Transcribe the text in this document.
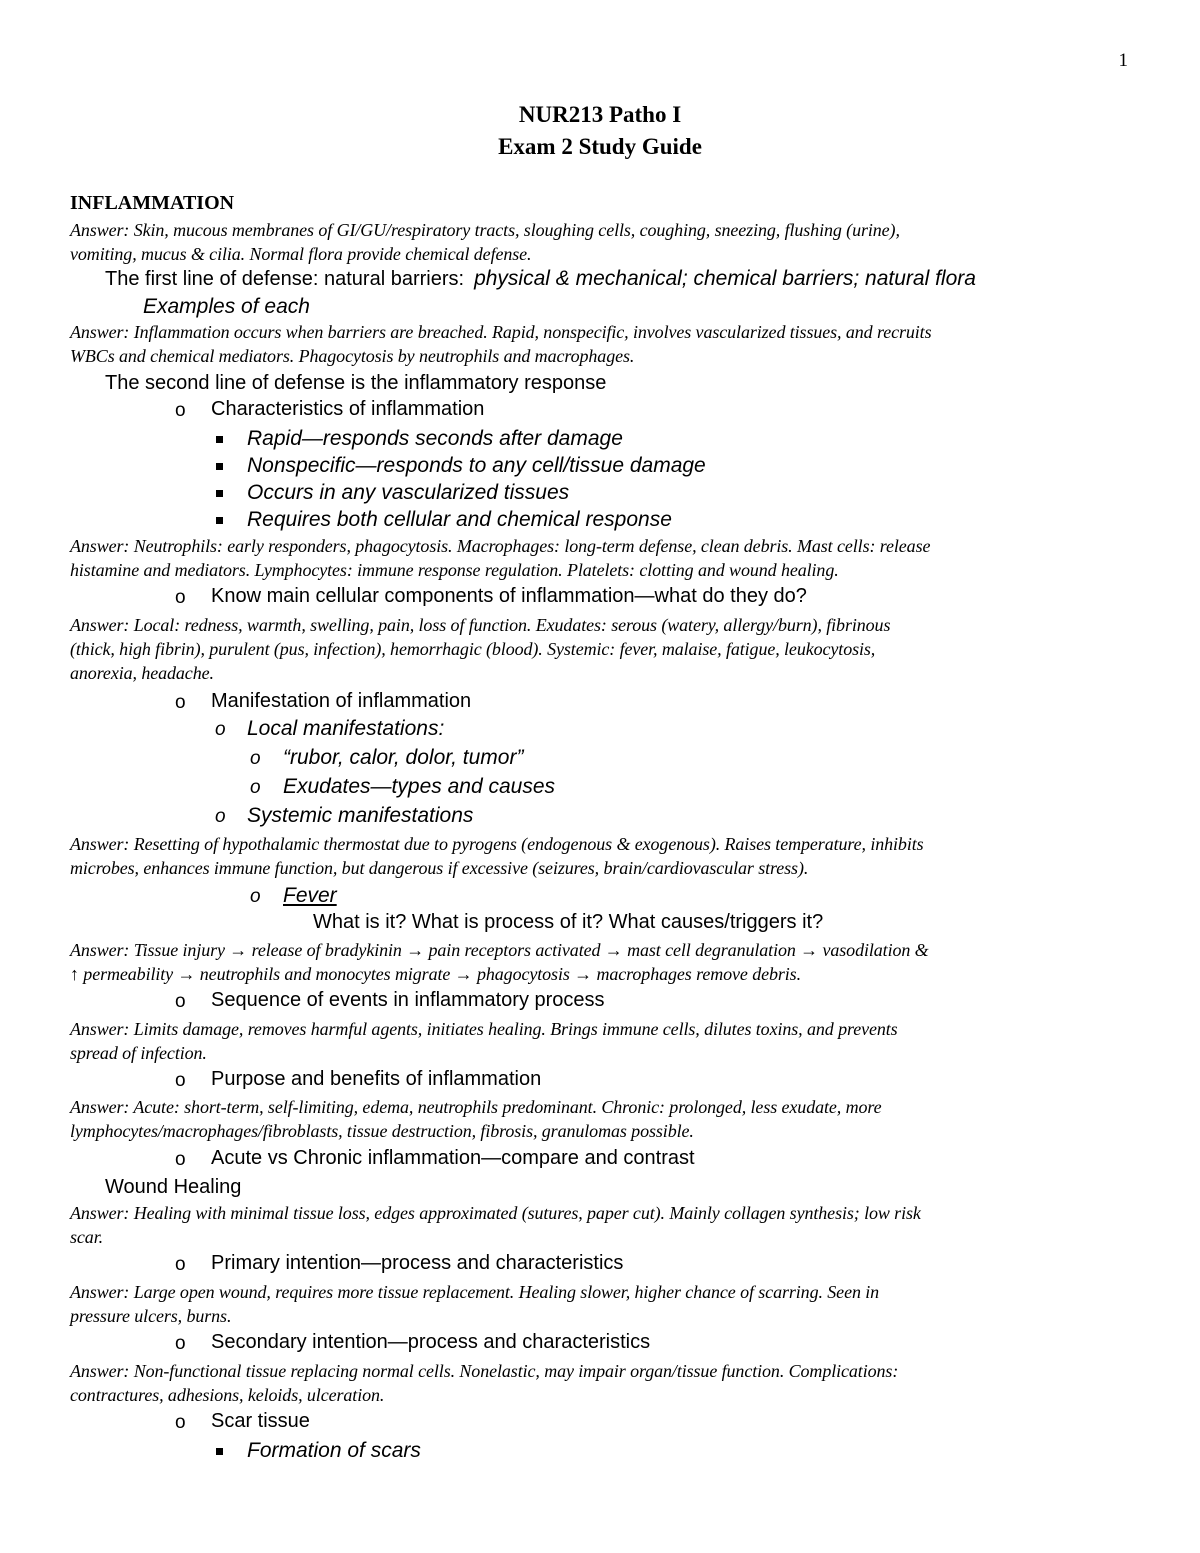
1
NUR213 Patho I
Exam 2 Study Guide
INFLAMMATION
Answer: Skin, mucous membranes of GI/GU/respiratory tracts, sloughing cells, coughing, sneezing, flushing (urine),
vomiting, mucus & cilia. Normal flora provide chemical defense.
The first line of defense: natural barriers: physical & mechanical; chemical barriers; natural flora
Examples of each
Answer: Inflammation occurs when barriers are breached. Rapid, nonspecific, involves vascularized tissues, and recruits
WBCs and chemical mediators. Phagocytosis by neutrophils and macrophages.
The second line of defense is the inflammatory response
o Characteristics of inflammation
Rapid—responds seconds after damage
Nonspecific—responds to any cell/tissue damage
Occurs in any vascularized tissues
Requires both cellular and chemical response
Answer: Neutrophils: early responders, phagocytosis. Macrophages: long-term defense, clean debris. Mast cells: release
histamine and mediators. Lymphocytes: immune response regulation. Platelets: clotting and wound healing.
o Know main cellular components of inflammation—what do they do?
Answer: Local: redness, warmth, swelling, pain, loss of function. Exudates: serous (watery, allergy/burn), fibrinous
(thick, high fibrin), purulent (pus, infection), hemorrhagic (blood). Systemic: fever, malaise, fatigue, leukocytosis,
anorexia, headache.
o Manifestation of inflammation
o Local manifestations:
o “rubor, calor, dolor, tumor”
o Exudates—types and causes
o Systemic manifestations
Answer: Resetting of hypothalamic thermostat due to pyrogens (endogenous & exogenous). Raises temperature, inhibits
microbes, enhances immune function, but dangerous if excessive (seizures, brain/cardiovascular stress).
o Fever
What is it? What is process of it? What causes/triggers it?
Answer: Tissue injury → release of bradykinin → pain receptors activated → mast cell degranulation → vasodilation &
↑ permeability → neutrophils and monocytes migrate → phagocytosis → macrophages remove debris.
o Sequence of events in inflammatory process
Answer: Limits damage, removes harmful agents, initiates healing. Brings immune cells, dilutes toxins, and prevents
spread of infection.
o Purpose and benefits of inflammation
Answer: Acute: short-term, self-limiting, edema, neutrophils predominant. Chronic: prolonged, less exudate, more
lymphocytes/macrophages/fibroblasts, tissue destruction, fibrosis, granulomas possible.
o Acute vs Chronic inflammation—compare and contrast
Wound Healing
Answer: Healing with minimal tissue loss, edges approximated (sutures, paper cut). Mainly collagen synthesis; low risk
scar.
o Primary intention—process and characteristics
Answer: Large open wound, requires more tissue replacement. Healing slower, higher chance of scarring. Seen in
pressure ulcers, burns.
o Secondary intention—process and characteristics
Answer: Non-functional tissue replacing normal cells. Nonelastic, may impair organ/tissue function. Complications:
contractures, adhesions, keloids, ulceration.
o Scar tissue
Formation of scars
